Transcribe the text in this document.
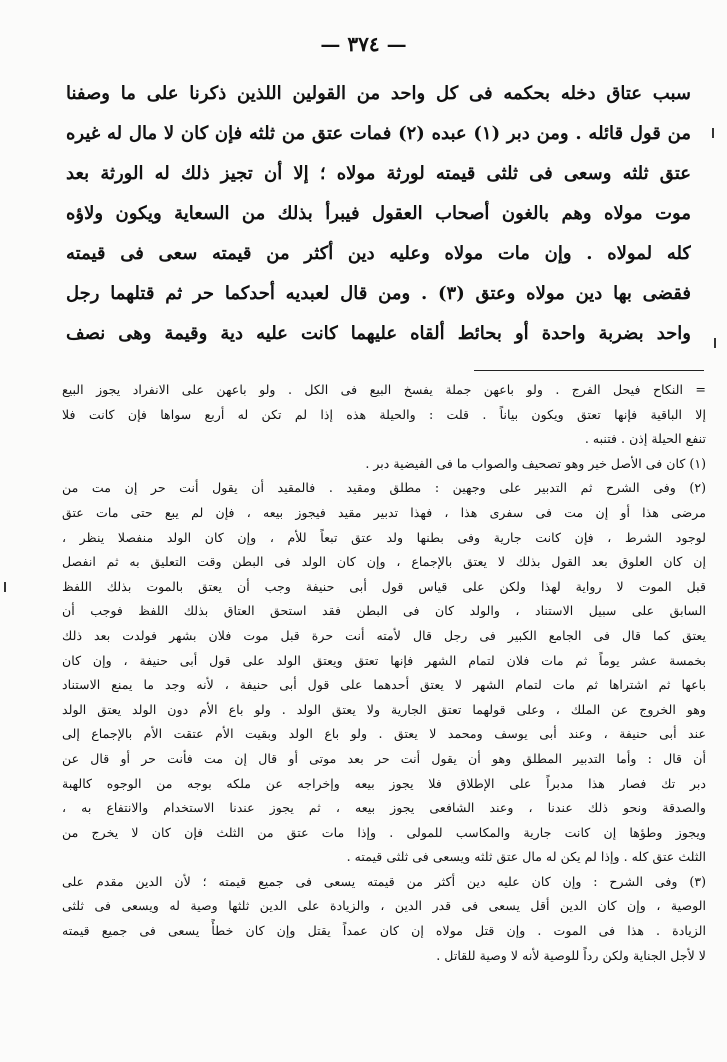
— ٣٧٤ —
سبب عتاق دخله بحكمه فى كل واحد من القولين اللذين ذكرنا على ما وصفنا
من قول قائله . ومن دبر (١) عبده (٢) فمات عتق من ثلثه فإن كان لا مال له غيره
عتق ثلثه وسعى فى ثلثى قيمته لورثة مولاه ؛ إلا أن تجيز ذلك له الورثة بعد
موت مولاه وهم بالغون أصحاب العقول فيبرأ بذلك من السعاية ويكون ولاؤه
كله لمولاه . وإن مات مولاه وعليه دين أكثر من قيمته سعى فى قيمته
فقضى بها دين مولاه وعتق (٣) . ومن قال لعبديه أحدكما حر ثم قتلهما رجل
واحد بضربة واحدة أو بحائط ألقاه عليهما كانت عليه دية وقيمة وهى نصف
= النكاح فيحل الفرج . ولو باعهن جملة يفسخ البيع فى الكل . ولو باعهن على الانفراد يجوز البيع
إلا الباقية فإنها تعتق ويكون بياناً . قلت : والحيلة هذه إذا لم تكن له أربع سواها فإن كانت فلا
تنفع الحيلة إذن . فتنبه .
(١) كان فى الأصل خير وهو تصحيف والصواب ما فى الفيضية دبر .
(٢) وفى الشرح ثم التدبير على وجهين : مطلق ومقيد . فالمقيد أن يقول أنت حر إن مت من
مرضى هذا أو إن مت فى سفرى هذا ، فهذا تدبير مقيد فيجوز بيعه ، فإن لم يبع حتى مات عتق
لوجود الشرط ، فإن كانت جارية وفى بطنها ولد عتق تبعاً للأم ، وإن كان الولد منفصلا ينظر ،
إن كان العلوق بعد القول بذلك لا يعتق بالإجماع ، وإن كان الولد فى البطن وقت التعليق به ثم انفصل
قبل الموت لا رواية لهذا ولكن على قياس قول أبى حنيفة وجب أن يعتق بالموت بذلك اللفظ
السابق على سبيل الاستناد ، والولد كان فى البطن فقد استحق العتاق بذلك اللفظ فوجب أن
يعتق كما قال فى الجامع الكبير فى رجل قال لأمته أنت حرة قبل موت فلان بشهر فولدت بعد ذلك
بخمسة عشر يوماً ثم مات فلان لتمام الشهر فإنها تعتق ويعتق الولد على قول أبى حنيفة ، وإن كان
باعها ثم اشتراها ثم مات لتمام الشهر لا يعتق أحدهما على قول أبى حنيفة ، لأنه وجد ما يمنع الاستناد
وهو الخروج عن الملك ، وعلى قولهما تعتق الجارية ولا يعتق الولد . ولو باع الأم دون الولد يعتق الولد
عند أبى حنيفة ، وعند أبى يوسف ومحمد لا يعتق . ولو باع الولد وبقيت الأم عتقت الأم بالإجماع إلى
أن قال : وأما التدبير المطلق وهو أن يقول أنت حر بعد موتى أو قال إن مت فأنت حر أو قال عن
دبر تك فصار هذا مدبراً على الإطلاق فلا يجوز بيعه وإخراجه عن ملكه بوجه من الوجوه كالهبة
والصدقة ونحو ذلك عندنا ، وعند الشافعى يجوز بيعه ، ثم يجوز عندنا الاستخدام والانتفاع به ،
ويجوز وطؤها إن كانت جارية والمكاسب للمولى . وإذا مات عتق من الثلث فإن كان لا يخرج من
الثلث عتق كله . وإذا لم يكن له مال عتق ثلثه ويسعى فى ثلثى قيمته .
(٣) وفى الشرح : وإن كان عليه دين أكثر من قيمته يسعى فى جميع قيمته ؛ لأن الدين مقدم على
الوصية ، وإن كان الدين أقل يسعى فى قدر الدين ، والزيادة على الدين ثلثها وصية له ويسعى فى ثلثى
الزيادة . هذا فى الموت . وإن قتل مولاه إن كان عمداً يقتل وإن كان خطأً يسعى فى جميع قيمته
لا لأجل الجناية ولكن رداً للوصية لأنه لا وصية للقاتل .
